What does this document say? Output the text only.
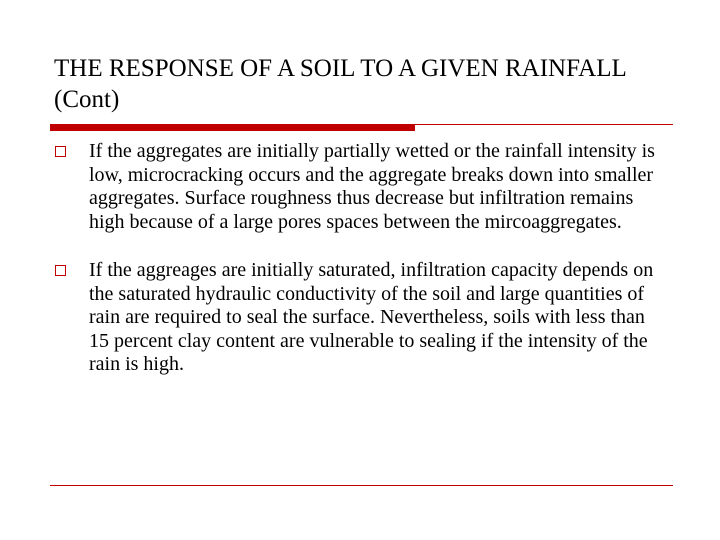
THE RESPONSE OF A SOIL TO A GIVEN RAINFALL (Cont)
If the aggregates are initially partially wetted or the rainfall intensity is low, microcracking occurs and the aggregate breaks down into smaller aggregates. Surface roughness thus decrease but infiltration remains high because of a large pores spaces between the mircoaggregates.
If the aggreages are initially saturated, infiltration capacity depends on the saturated hydraulic conductivity of the soil and large quantities of rain are required to seal the surface. Nevertheless, soils with less than 15 percent clay content are vulnerable to sealing if the intensity of the rain is high.
